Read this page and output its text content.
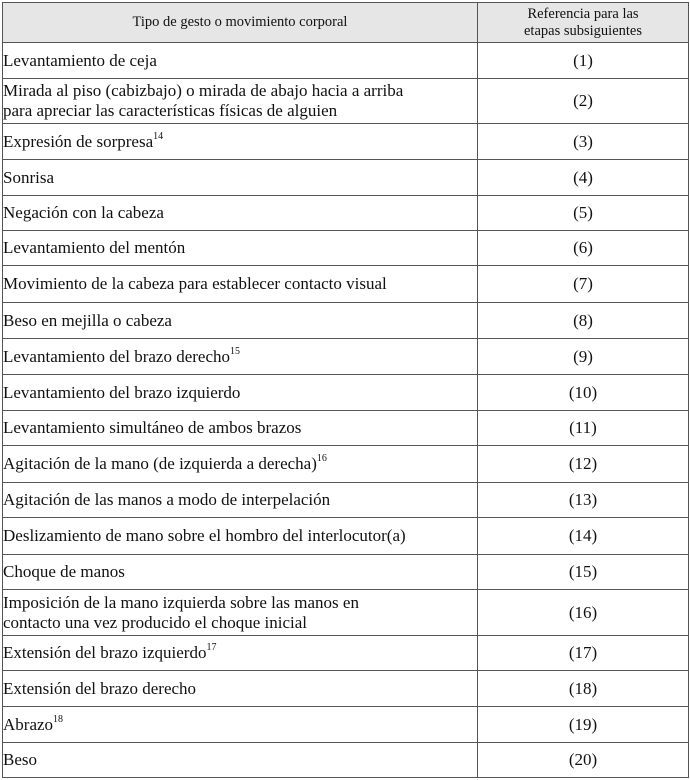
Tipo de gesto o movimiento corporal	Referencia para las
etapas subsiguientes
Levantamiento de ceja	(1)
Mirada al piso (cabizbajo) o mirada de abajo hacia a arriba
para apreciar las características físicas de alguien	(2)
Expresión de sorpresa$^{14}$	(3)
Sonrisa	(4)
Negación con la cabeza	(5)
Levantamiento del mentón	(6)
Movimiento de la cabeza para establecer contacto visual	(7)
Beso en mejilla o cabeza	(8)
Levantamiento del brazo derecho$^{15}$	(9)
Levantamiento del brazo izquierdo	(10)
Levantamiento simultáneo de ambos brazos	(11)
Agitación de la mano (de izquierda a derecha)$^{16}$	(12)
Agitación de las manos a modo de interpelación	(13)
Deslizamiento de mano sobre el hombro del interlocutor(a)	(14)
Choque de manos	(15)
Imposición de la mano izquierda sobre las manos en
contacto una vez producido el choque inicial	(16)
Extensión del brazo izquierdo$^{17}$	(17)
Extensión del brazo derecho	(18)
Abrazo$^{18}$	(19)
Beso	(20)
